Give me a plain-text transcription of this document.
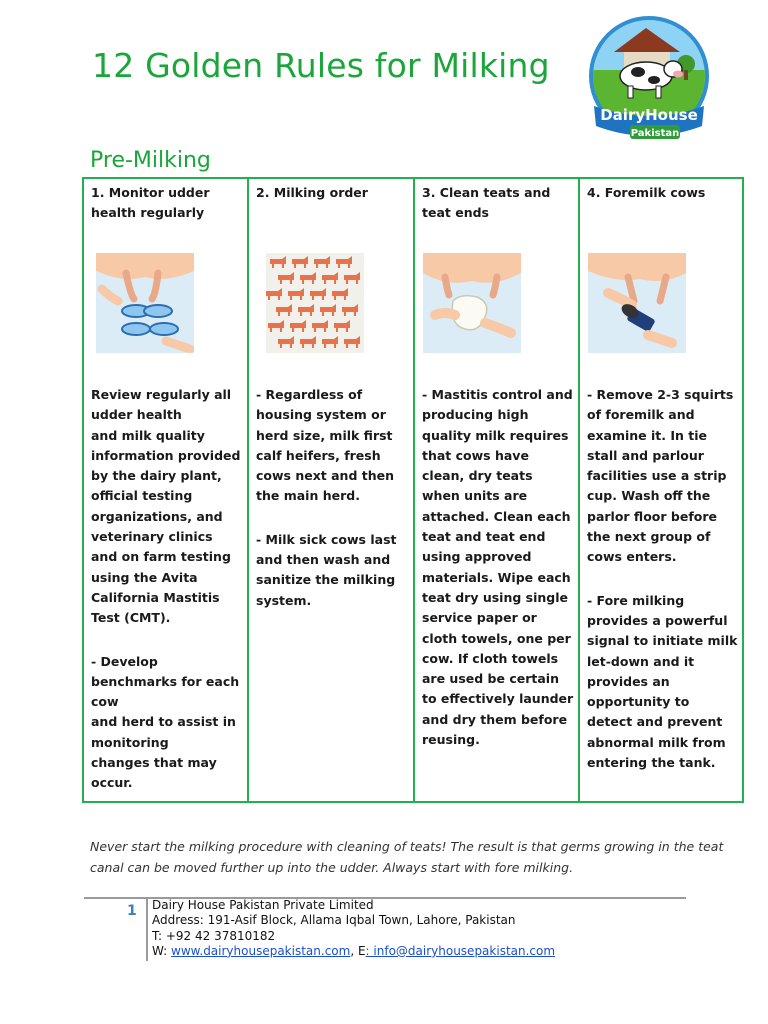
12 Golden Rules for Milking
DairyHouse
Pakistan
Pre-Milking
1. Monitor udder health regularly

Review regularly all udder health
and milk quality information provided by the dairy plant, official testing organizations, and veterinary clinics and on farm testing using the Avita California Mastitis Test (CMT).

- Develop benchmarks for each cow
and herd to assist in monitoring
changes that may occur.

2. Milking order

- Regardless of housing system or herd size, milk first calf heifers, fresh cows next and then the main herd.

- Milk sick cows last and then wash and sanitize the milking system.

3. Clean teats and teat ends

- Mastitis control and producing high quality milk requires that cows have clean, dry teats when units are attached. Clean each teat and teat end using approved materials. Wipe each teat dry using single service paper or cloth towels, one per cow. If cloth towels are used be certain to effectively launder and dry them before reusing.

4. Foremilk cows

- Remove 2-3 squirts of foremilk and examine it. In tie stall and parlour facilities use a strip cup. Wash off the parlor floor before the next group of cows enters.

- Fore milking provides a powerful signal to initiate milk let-down and it provides an opportunity to detect and prevent abnormal milk from entering the tank.

Never start the milking procedure with cleaning of teats! The result is that germs growing in the teat canal can be moved further up into the udder. Always start with fore milking.
1 Dairy House Pakistan Private Limited
Address: 191-Asif Block, Allama Iqbal Town, Lahore, Pakistan
T: +92 42 37810182
W: www.dairyhousepakistan.com, E: info@dairyhousepakistan.com
